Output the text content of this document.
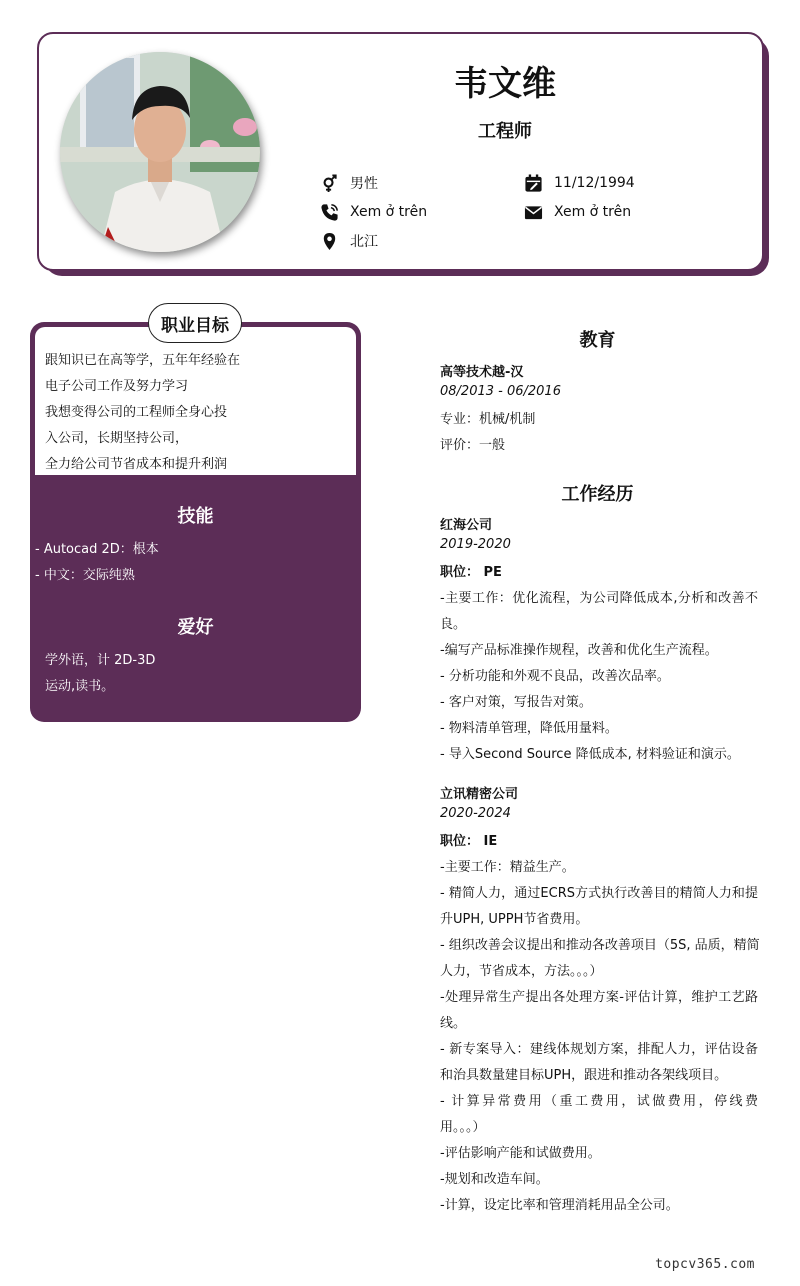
韦文维
工程师
男性	11/12/1994
Xem ở trên	Xem ở trên
北江
职业目标
跟知识已在高等学，五年年经验在
电子公司工作及努力学习
我想变得公司的工程师全身心投
入公司，长期坚持公司，
全力给公司节省成本和提升利润
技能
- Autocad 2D：根本
- 中文：交际纯熟
爱好
学外语，计 2D-3D
运动,读书。
教育
高等技术越-汉
08/2013 - 06/2016
专业：机械/机制
评价：一般
工作经历
红海公司
2019-2020
职位： PE
-主要工作：优化流程，为公司降低成本,分析和改善不
良。
-编写产品标准操作规程，改善和优化生产流程。
- 分析功能和外观不良品，改善次品率。
- 客户对策，写报告对策。
- 物料清单管理，降低用量料。
- 导入Second Source 降低成本, 材料验证和演示。
立讯精密公司
2020-2024
职位： IE
-主要工作：精益生产。
- 精简人力，通过ECRS方式执行改善目的精简人力和提
升UPH, UPPH节省费用。
- 组织改善会议提出和推动各改善项目（5S, 品质，精简
人力，节省成本，方法。。。）
-处理异常生产提出各处理方案-评估计算，维护工艺路
线。
- 新专案导入：建线体规划方案，排配人力，评估设备
和治具数量建目标UPH，跟进和推动各架线项目。
- 计算异常费用（重工费用，试做费用，停线费
用。。。）
-评估影响产能和试做费用。
-规划和改造车间。
-计算，设定比率和管理消耗用品全公司。
topcv365.com
